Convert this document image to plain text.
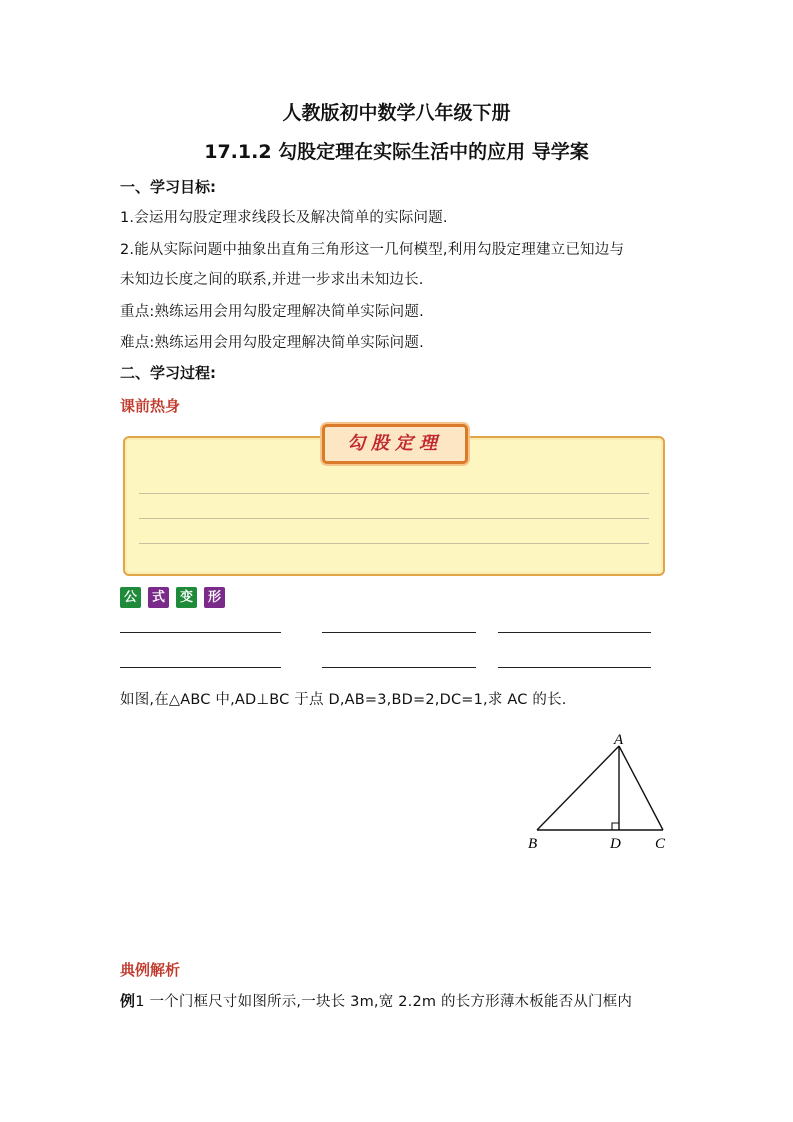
人教版初中数学八年级下册
17.1.2 勾股定理在实际生活中的应用 导学案
一、学习目标:
1.会运用勾股定理求线段长及解决简单的实际问题.
2.能从实际问题中抽象出直角三角形这一几何模型,利用勾股定理建立已知边与
未知边长度之间的联系,并进一步求出未知边长.
重点:熟练运用会用勾股定理解决简单实际问题.
难点:熟练运用会用勾股定理解决简单实际问题.
二、学习过程:
课前热身
勾股定理
公	式	变	形
如图,在△ABC 中,AD⊥BC 于点 D,AB=3,BD=2,DC=1,求 AC 的长.
A
B	D C
典例解析
例1 一个门框尺寸如图所示,一块长 3m,宽 2.2m 的长方形薄木板能否从门框内
